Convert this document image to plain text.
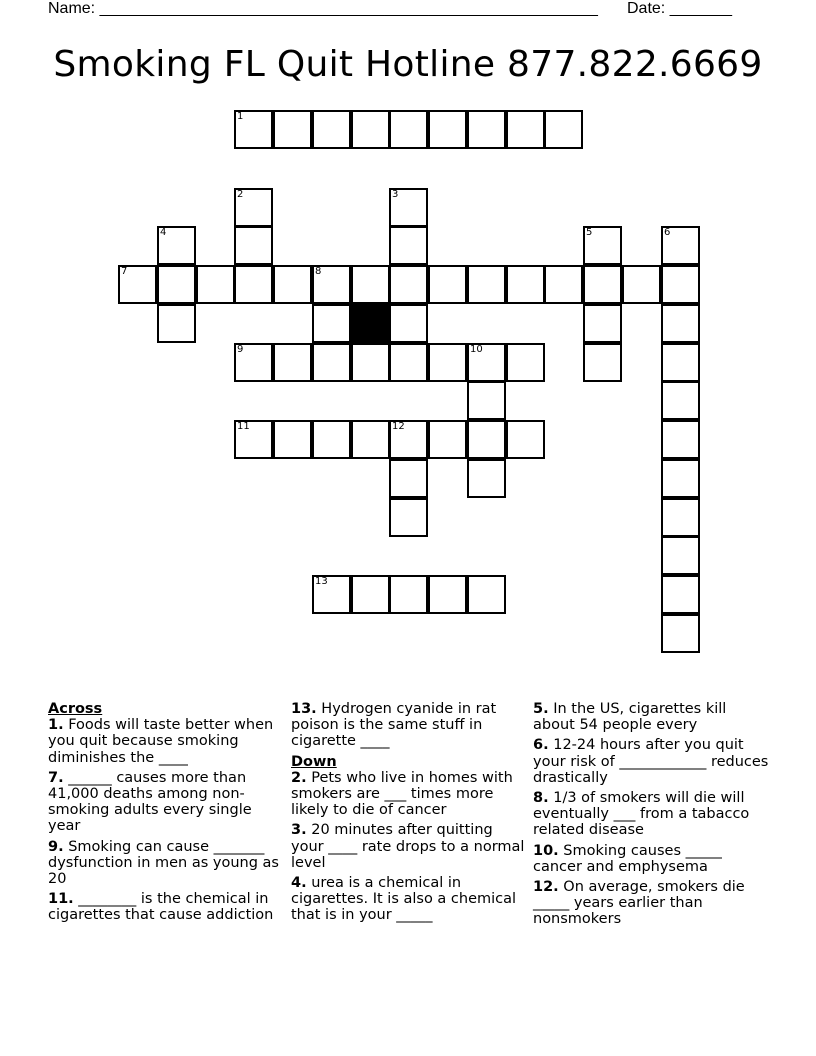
Name: ________________________________________________________ Date: _______
Smoking FL Quit Hotline 877.822.6669
1
2	3
4	5	6
7	8
9	10
11	12
13
Across
1. Foods will taste better when you quit because smoking diminishes the ____
7. ______ causes more than 41,000 deaths among non-smoking adults every single year
9. Smoking can cause _______ dysfunction in men as young as 20
11. ________ is the chemical in cigarettes that cause addiction
13. Hydrogen cyanide in rat poison is the same stuff in cigarette ____
Down
2. Pets who live in homes with smokers are ___ times more likely to die of cancer
3. 20 minutes after quitting your ____ rate drops to a normal level
4. urea is a chemical in cigarettes. It is also a chemical that is in your _____
5. In the US, cigarettes kill about 54 people every
6. 12-24 hours after you quit your risk of ____________ reduces drastically
8. 1/3 of smokers will die will eventually ___ from a tabacco related disease
10. Smoking causes _____ cancer and emphysema
12. On average, smokers die _____ years earlier than nonsmokers
